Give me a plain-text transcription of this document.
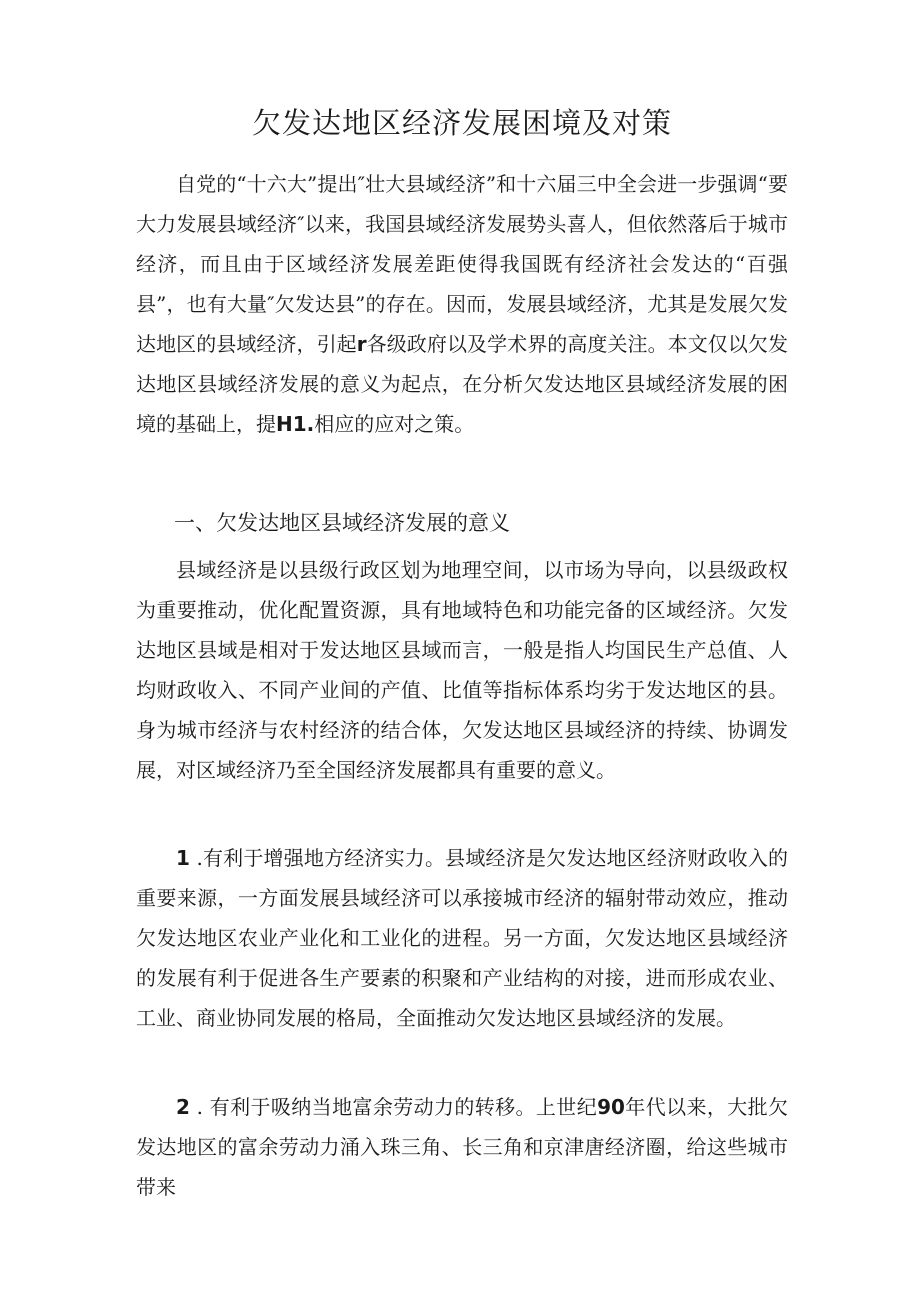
欠发达地区经济发展困境及对策

自党的“十六大”提出″壮大县域经济”和十六届三中全会进一步强调“要大力发展县域经济″以来，我国县域经济发展势头喜人，但依然落后于城市经济，而且由于区域经济发展差距使得我国既有经济社会发达的“百强县”，也有大量″欠发达县”的存在。因而，发展县域经济，尤其是发展欠发达地区的县域经济，引起r各级政府以及学术界的高度关注。本文仅以欠发达地区县域经济发展的意义为起点，在分析欠发达地区县域经济发展的困境的基础上，提H1.相应的应对之策。

一、欠发达地区县域经济发展的意义

县域经济是以县级行政区划为地理空间，以市场为导向，以县级政权为重要推动，优化配置资源，具有地域特色和功能完备的区域经济。欠发达地区县域是相对于发达地区县域而言，一般是指人均国民生产总值、人均财政收入、不同产业间的产值、比值等指标体系均劣于发达地区的县。身为城市经济与农村经济的结合体，欠发达地区县域经济的持续、协调发展，对区域经济乃至全国经济发展都具有重要的意义。

1 .有利于增强地方经济实力。县域经济是欠发达地区经济财政收入的重要来源，一方面发展县域经济可以承接城市经济的辐射带动效应，推动欠发达地区农业产业化和工业化的进程。另一方面，欠发达地区县域经济的发展有利于促进各生产要素的积聚和产业结构的对接，进而形成农业、工业、商业协同发展的格局，全面推动欠发达地区县域经济的发展。

2 . 有利于吸纳当地富余劳动力的转移。上世纪90年代以来，大批欠发达地区的富余劳动力涌入珠三角、长三角和京津唐经济圈，给这些城市带来
